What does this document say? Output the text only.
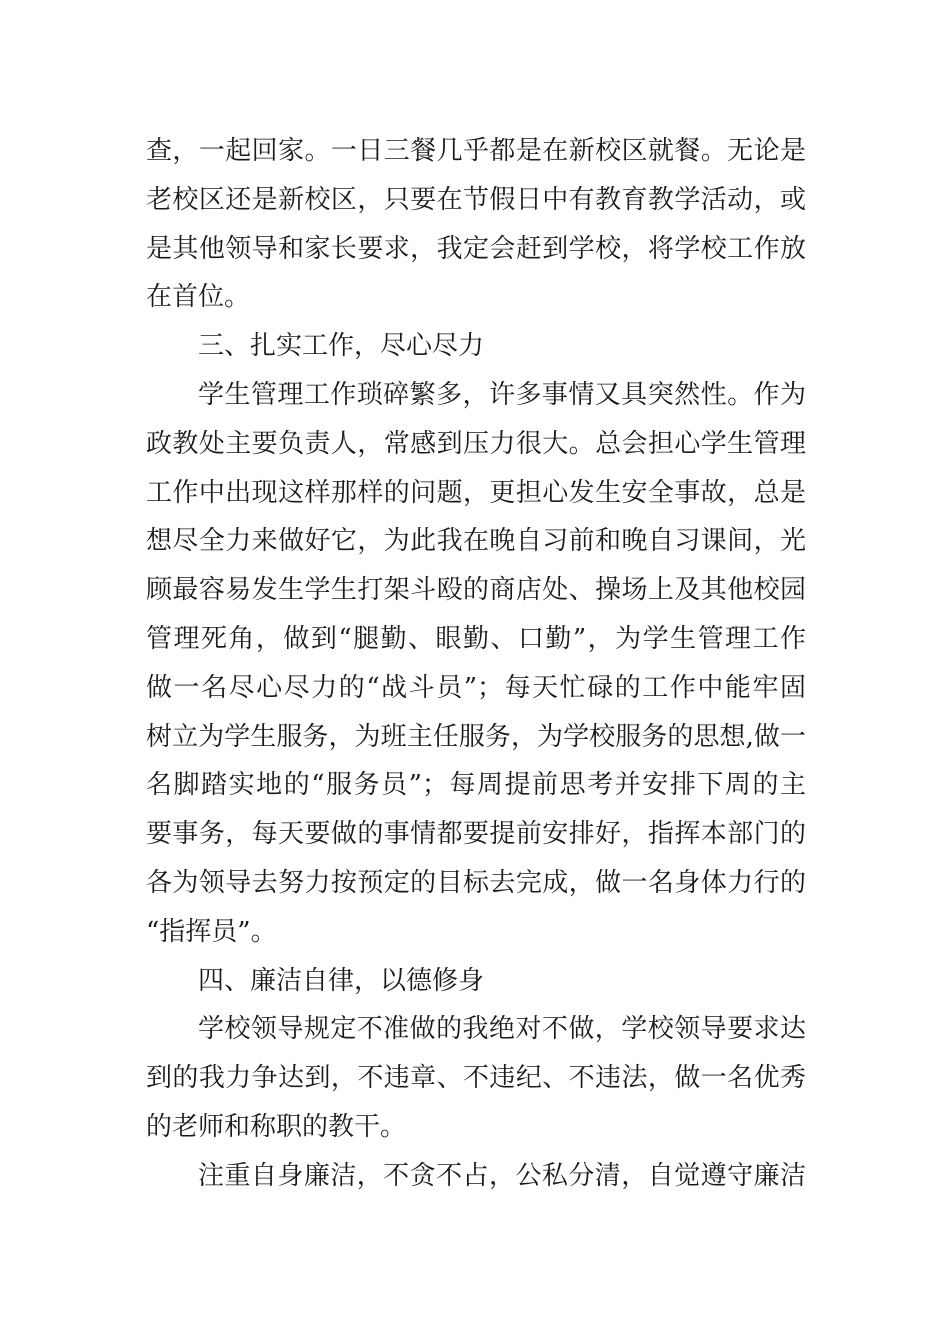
查，一起回家。一日三餐几乎都是在新校区就餐。无论是
老校区还是新校区，只要在节假日中有教育教学活动，或
是其他领导和家长要求，我定会赶到学校，将学校工作放
在首位。
三、扎实工作，尽心尽力
学生管理工作琐碎繁多，许多事情又具突然性。作为
政教处主要负责人，常感到压力很大。总会担心学生管理
工作中出现这样那样的问题，更担心发生安全事故，总是
想尽全力来做好它，为此我在晚自习前和晚自习课间，光
顾最容易发生学生打架斗殴的商店处、操场上及其他校园
管理死角，做到“腿勤、眼勤、口勤”，为学生管理工作
做一名尽心尽力的“战斗员”；每天忙碌的工作中能牢固
树立为学生服务，为班主任服务，为学校服务的思想,做一
名脚踏实地的“服务员”；每周提前思考并安排下周的主
要事务，每天要做的事情都要提前安排好，指挥本部门的
各为领导去努力按预定的目标去完成，做一名身体力行的
“指挥员”。
四、廉洁自律，以德修身
学校领导规定不准做的我绝对不做，学校领导要求达
到的我力争达到，不违章、不违纪、不违法，做一名优秀
的老师和称职的教干。
注重自身廉洁，不贪不占，公私分清，自觉遵守廉洁
